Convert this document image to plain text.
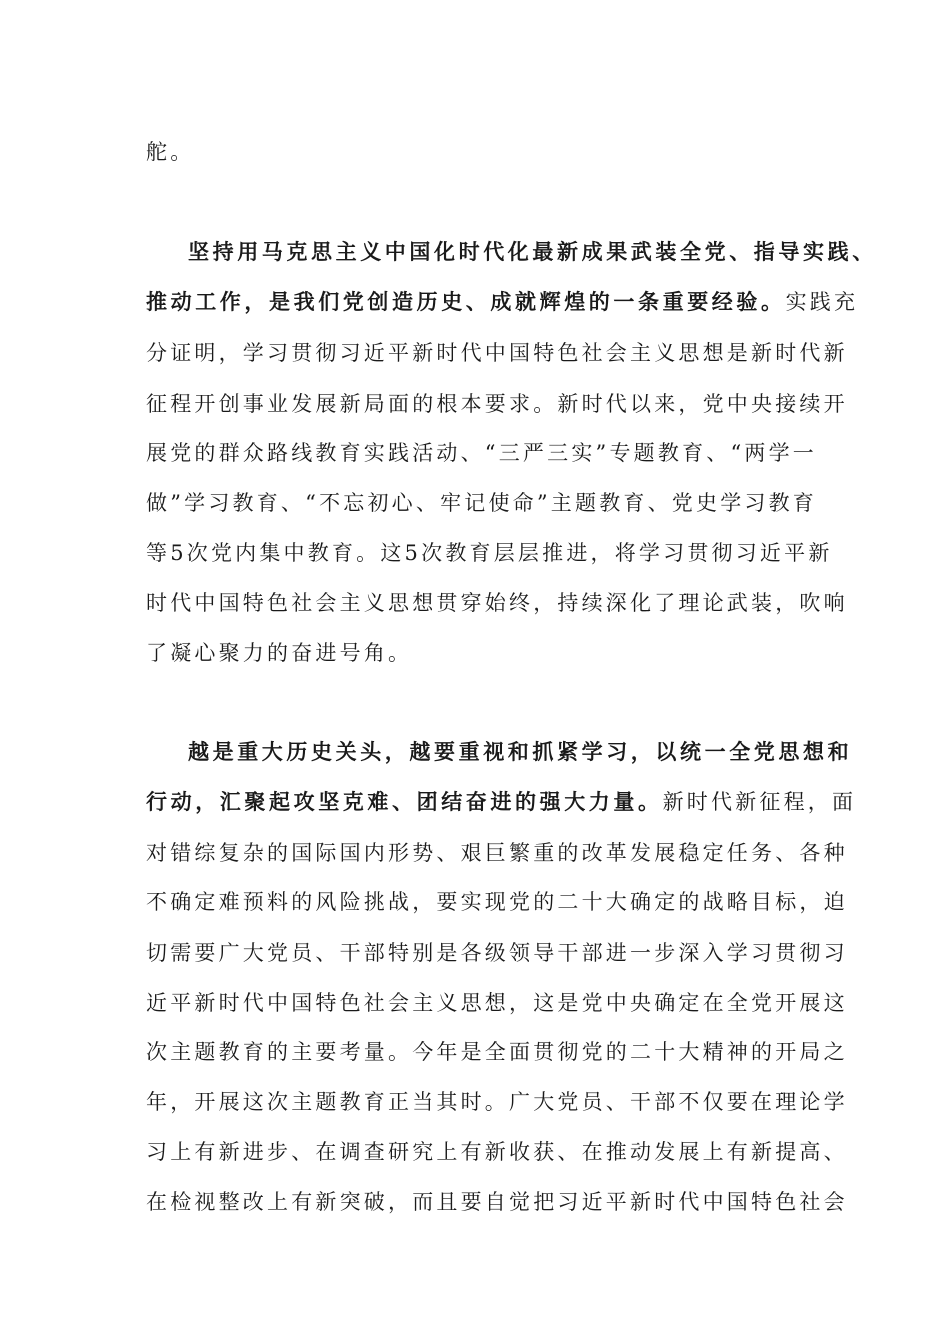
舵。
坚持用马克思主义中国化时代化最新成果武装全党、指导实践、
推动工作，是我们党创造历史、成就辉煌的一条重要经验。实践充
分证明，学习贯彻习近平新时代中国特色社会主义思想是新时代新
征程开创事业发展新局面的根本要求。新时代以来，党中央接续开
展党的群众路线教育实践活动、“三严三实”专题教育、“两学一
做”学习教育、“不忘初心、牢记使命”主题教育、党史学习教育
等5次党内集中教育。这5次教育层层推进，将学习贯彻习近平新
时代中国特色社会主义思想贯穿始终，持续深化了理论武装，吹响
了凝心聚力的奋进号角。
越是重大历史关头，越要重视和抓紧学习，以统一全党思想和
行动，汇聚起攻坚克难、团结奋进的强大力量。新时代新征程，面
对错综复杂的国际国内形势、艰巨繁重的改革发展稳定任务、各种
不确定难预料的风险挑战，要实现党的二十大确定的战略目标，迫
切需要广大党员、干部特别是各级领导干部进一步深入学习贯彻习
近平新时代中国特色社会主义思想，这是党中央确定在全党开展这
次主题教育的主要考量。今年是全面贯彻党的二十大精神的开局之
年，开展这次主题教育正当其时。广大党员、干部不仅要在理论学
习上有新进步、在调查研究上有新收获、在推动发展上有新提高、
在检视整改上有新突破，而且要自觉把习近平新时代中国特色社会
